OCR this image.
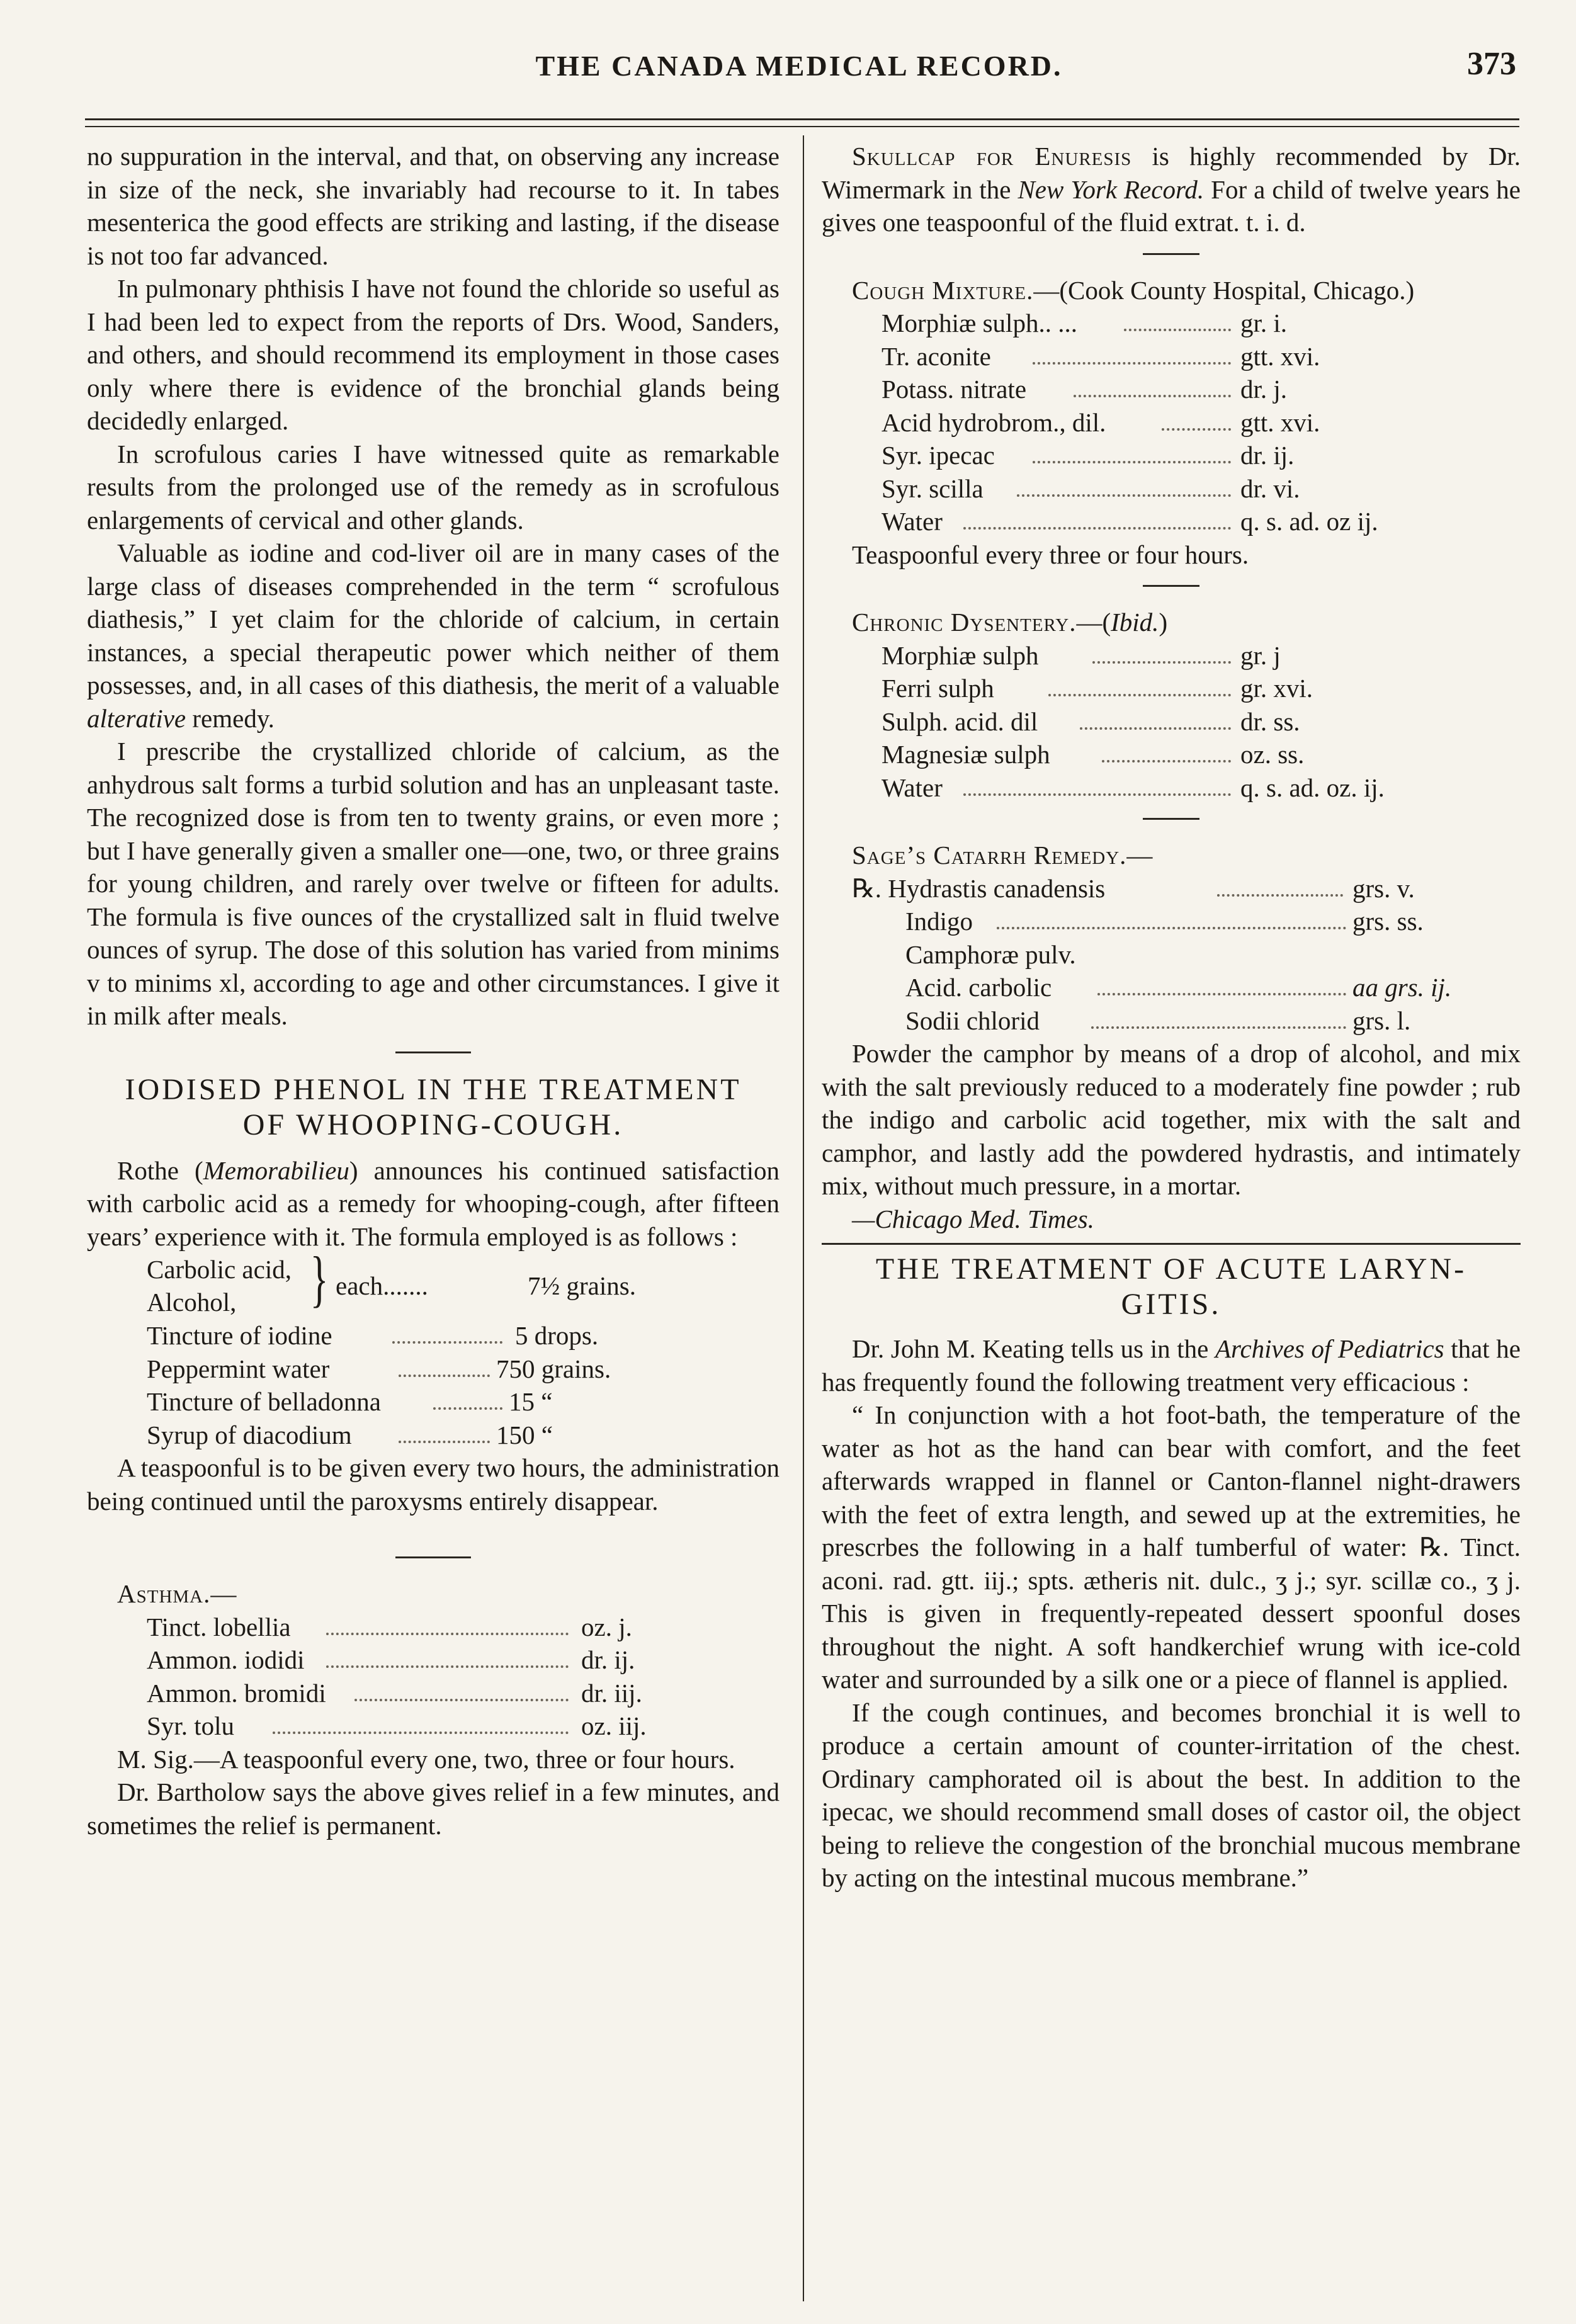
THE CANADA MEDICAL RECORD.	373

no suppuration in the interval, and that, on observing any increase in size of the neck, she invariably had recourse to it. In tabes mesenterica the good effects are striking and lasting, if the disease is not too far advanced.

In pulmonary phthisis I have not found the chloride so useful as I had been led to expect from the reports of Drs. Wood, Sanders, and others, and should recommend its employment in those cases only where there is evidence of the bronchial glands being decidedly enlarged.

In scrofulous caries I have witnessed quite as remarkable results from the prolonged use of the remedy as in scrofulous enlargements of cervical and other glands.

Valuable as iodine and cod-liver oil are in many cases of the large class of diseases comprehended in the term “ scrofulous diathesis,” I yet claim for the chloride of calcium, in certain instances, a special therapeutic power which neither of them possesses, and, in all cases of this diathesis, the merit of a valuable alterative remedy.

I prescribe the crystallized chloride of calcium, as the anhydrous salt forms a turbid solution and has an unpleasant taste. The recognized dose is from ten to twenty grains, or even more ; but I have generally given a smaller one—one, two, or three grains for young children, and rarely over twelve or fifteen for adults. The formula is five ounces of the crystallized salt in fluid twelve ounces of syrup. The dose of this solution has varied from minims v to minims xl, according to age and other circumstances. I give it in milk after meals.

IODISED PHENOL IN THE TREATMENT
OF WHOOPING-COUGH.

Rothe (Memorabilieu) announces his continued satisfaction with carbolic acid as a remedy for whooping-cough, after fifteen years’ experience with it. The formula employed is as follows :

Carbolic acid,
Alcohol, } each.......	7½ grains.
Tincture of iodine	5 drops.
Peppermint water	750 grains.
Tincture of belladonna	15 “
Syrup of diacodium	150 “

A teaspoonful is to be given every two hours, the administration being continued until the paroxysms entirely disappear.

Asthma.—
Tinct. lobellia	oz. j.
Ammon. iodidi	dr. ij.
Ammon. bromidi	dr. iij.
Syr. tolu	oz. iij.

M. Sig.—A teaspoonful every one, two, three or four hours.

Dr. Bartholow says the above gives relief in a few minutes, and sometimes the relief is permanent.

Skullcap for Enuresis is highly recommended by Dr. Wimermark in the New York Record. For a child of twelve years he gives one teaspoonful of the fluid extrat. t. i. d.

Cough Mixture.—(Cook County Hospital, Chicago.)

Morphiæ sulph.. ...	gr. i.
Tr. aconite	gtt. xvi.
Potass. nitrate	dr. j.
Acid hydrobrom., dil.	gtt. xvi.
Syr. ipecac	dr. ij.
Syr. scilla	dr. vi.
Water	q. s. ad. oz ij.

Teaspoonful every three or four hours.

Chronic Dysentery.—(Ibid.)

Morphiæ sulph	gr. j
Ferri sulph	gr. xvi.
Sulph. acid. dil	dr. ss.
Magnesiæ sulph	oz. ss.
Water	q. s. ad. oz. ij.
Sage’s Catarrh Remedy.—
℞. Hydrastis canadensis	grs. v.
Indigo	grs. ss.
Camphoræ pulv.
Acid. carbolic	aa grs. ij.
Sodii chlorid	grs. l.

Powder the camphor by means of a drop of alcohol, and mix with the salt previously reduced to a moderately fine powder ; rub the indigo and carbolic acid together, mix with the salt and camphor, and lastly add the powdered hydrastis, and intimately mix, without much pressure, in a mortar.

—Chicago Med. Times.

THE TREATMENT OF ACUTE LARYN-
GITIS.

Dr. John M. Keating tells us in the Archives of Pediatrics that he has frequently found the following treatment very efficacious :

“ In conjunction with a hot foot-bath, the temperature of the water as hot as the hand can bear with comfort, and the feet afterwards wrapped in flannel or Canton-flannel night-drawers with the feet of extra length, and sewed up at the extremities, he prescrbes the following in a half tumberful of water: ℞. Tinct. aconi. rad. gtt. iij.; spts. ætheris nit. dulc., ʒ j.; syr. scillæ co., ʒ j. This is given in frequently-repeated dessert spoonful doses throughout the night. A soft handkerchief wrung with ice-cold water and surrounded by a silk one or a piece of flannel is applied.

If the cough continues, and becomes bronchial it is well to produce a certain amount of counter-irritation of the chest. Ordinary camphorated oil is about the best. In addition to the ipecac, we should recommend small doses of castor oil, the object being to relieve the congestion of the bronchial mucous membrane by acting on the intestinal mucous membrane.”
